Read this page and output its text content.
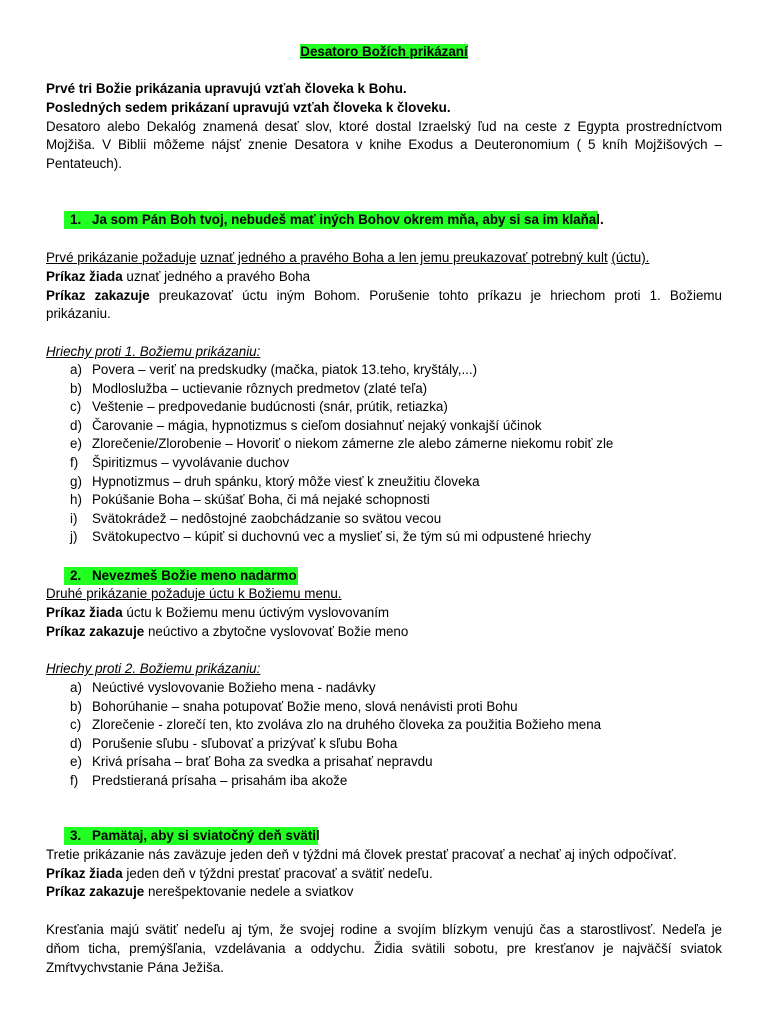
Desatoro Božích prikázaní
Prvé tri Božie prikázania upravujú vzťah človeka k Bohu.
Posledných sedem prikázaní upravujú vzťah človeka k človeku.
Desatoro alebo Dekalóg znamená desať slov, ktoré dostal Izraelský ľud na ceste z Egypta prostredníctvom
Mojžiša. V Biblii môžeme nájsť znenie Desatora v knihe Exodus a Deuteronomium ( 5 kníh Mojžišových –
Pentateuch).
1. Ja som Pán Boh tvoj, nebudeš mať iných Bohov okrem mňa, aby si sa im klaňal.
Prvé prikázanie požaduje uznať jedného a pravého Boha a len jemu preukazovať potrebný kult (úctu).
Príkaz žiada uznať jedného a pravého Boha
Príkaz zakazuje preukazovať úctu iným Bohom. Porušenie tohto príkazu je hriechom proti 1. Božiemu
prikázaniu.
Hriechy proti 1. Božiemu prikázaniu:
a) Povera – veriť na predskudky (mačka, piatok 13.teho, kryštály,...)
b) Modloslužba – uctievanie rôznych predmetov (zlaté teľa)
c) Veštenie – predpovedanie budúcnosti (snár, prútik, retiazka)
d) Čarovanie – mágia, hypnotizmus s cieľom dosiahnuť nejaký vonkajší účinok
e) Zlorečenie/Zlorobenie – Hovoriť o niekom zámerne zle alebo zámerne niekomu robiť zle
f) Špiritizmus – vyvolávanie duchov
g) Hypnotizmus – druh spánku, ktorý môže viesť k zneužitiu človeka
h) Pokúšanie Boha – skúšať Boha, či má nejaké schopnosti
i) Svätokrádež – nedôstojné zaobchádzanie so svätou vecou
j) Svätokupectvo – kúpiť si duchovnú vec a myslieť si, že tým sú mi odpustené hriechy
2. Nevezmeš Božie meno nadarmo
Druhé prikázanie požaduje úctu k Božiemu menu.
Príkaz žiada úctu k Božiemu menu úctivým vyslovovaním
Príkaz zakazuje neúctivo a zbytočne vyslovovať Božie meno
Hriechy proti 2. Božiemu prikázaniu:
a) Neúctivé vyslovovanie Božieho mena - nadávky
b) Bohorúhanie – snaha potupovať Božie meno, slová nenávisti proti Bohu
c) Zlorečenie - zlorečí ten, kto zvoláva zlo na druhého človeka za použitia Božieho mena
d) Porušenie sľubu - sľubovať a prizývať k sľubu Boha
e) Krivá prísaha – brať Boha za svedka a prisahať nepravdu
f) Predstieraná prísaha – prisahám iba akože
3. Pamätaj, aby si sviatočný deň svätil
Tretie prikázanie nás zaväzuje jeden deň v týždni má človek prestať pracovať a nechať aj iných odpočívať.
Príkaz žiada jeden deň v týždni prestať pracovať a svätiť nedeľu.
Príkaz zakazuje nerešpektovanie nedele a sviatkov
Kresťania majú svätiť nedeľu aj tým, že svojej rodine a svojím blízkym venujú čas a starostlivosť. Nedeľa je
dňom ticha, premýšľania, vzdelávania a oddychu. Židia svätili sobotu, pre kresťanov je najväčší sviatok
Zmŕtvychvstanie Pána Ježiša.
